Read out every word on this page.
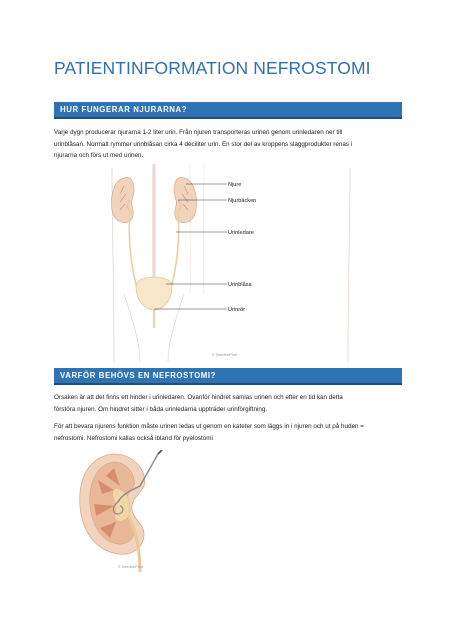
PATIENTINFORMATION NEFROSTOMI
HUR FUNGERAR NJURARNA?
Varje dygn producerar njurarna 1-2 liter urin. Från njuren transporteras urinen genom urinledaren ner till
urinblåsan. Normalt rymmer urinblåsan cirka 4 deciliter urin. En stor del av kroppens slaggprodukter renas i
njurarna och förs ut med urinen.
Njure
Njurbäcken
Urinledare
Urinblåsa
Urinrör
© Swedes/Pixel
VARFÖR BEHÖVS EN NEFROSTOMI?
Orsaken är att det finns ett hinder i urinledaren. Ovanför hindret samlas urinen och efter en tid kan detta
förstöra njuren. Om hindret sitter i båda urinledarna uppträder urinförgiftning.
För att bevara njurens funktion måste urinen ledas ut genom en kateter som läggs in i njuren och ut på huden =
nefrostomi. Nefrostomi kallas också ibland för pyelostomi
© Swedes/Pixel
